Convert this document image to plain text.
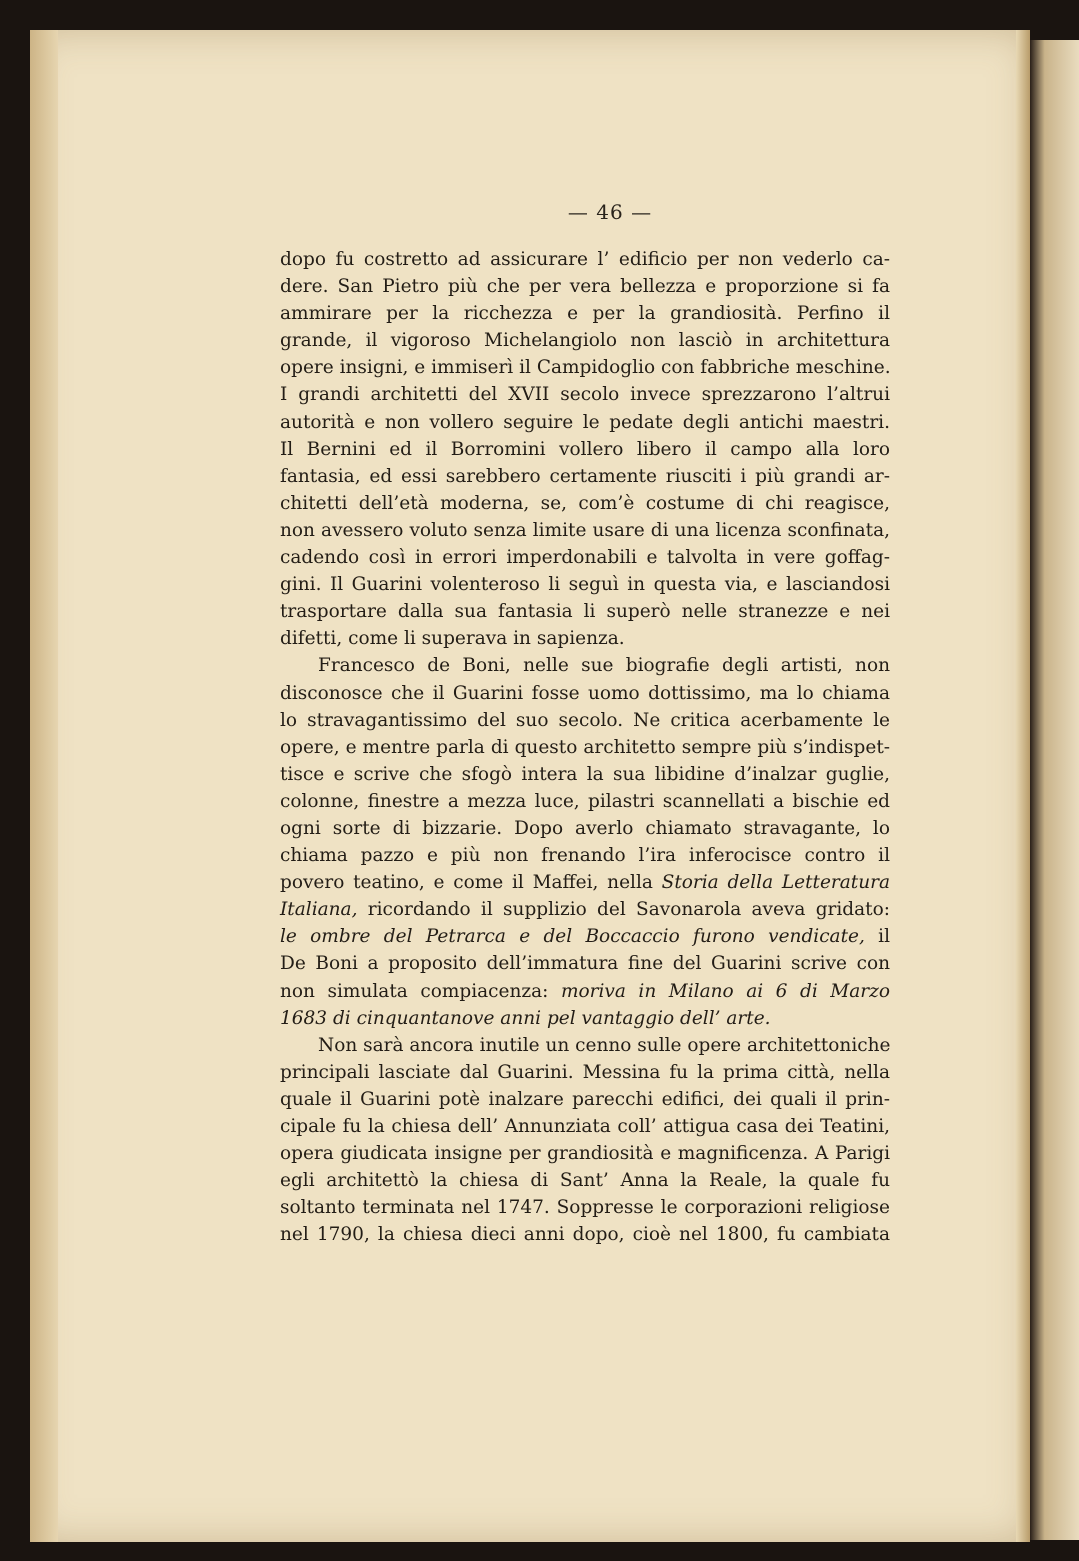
— 46 —
dopo fu costretto ad assicurare l’ edificio per non vederlo ca-
dere. San Pietro più che per vera bellezza e proporzione si fa
ammirare per la ricchezza e per la grandiosità. Perfino il
grande, il vigoroso Michelangiolo non lasciò in architettura
opere insigni, e immiserì il Campidoglio con fabbriche meschine.
I grandi architetti del XVII secolo invece sprezzarono l’altrui
autorità e non vollero seguire le pedate degli antichi maestri.
Il Bernini ed il Borromini vollero libero il campo alla loro
fantasia, ed essi sarebbero certamente riusciti i più grandi ar-
chitetti dell’età moderna, se, com’è costume di chi reagisce,
non avessero voluto senza limite usare di una licenza sconfinata,
cadendo così in errori imperdonabili e talvolta in vere goffag-
gini. Il Guarini volenteroso li seguì in questa via, e lasciandosi
trasportare dalla sua fantasia li superò nelle stranezze e nei
difetti, come li superava in sapienza.
Francesco de Boni, nelle sue biografie degli artisti, non
disconosce che il Guarini fosse uomo dottissimo, ma lo chiama
lo stravagantissimo del suo secolo. Ne critica acerbamente le
opere, e mentre parla di questo architetto sempre più s’indispet-
tisce e scrive che sfogò intera la sua libidine d’inalzar guglie,
colonne, finestre a mezza luce, pilastri scannellati a bischie ed
ogni sorte di bizzarie. Dopo averlo chiamato stravagante, lo
chiama pazzo e più non frenando l’ira inferocisce contro il
povero teatino, e come il Maffei, nella Storia della Letteratura
Italiana, ricordando il supplizio del Savonarola aveva gridato:
le ombre del Petrarca e del Boccaccio furono vendicate, il
De Boni a proposito dell’immatura fine del Guarini scrive con
non simulata compiacenza: moriva in Milano ai 6 di Marzo
1683 di cinquantanove anni pel vantaggio dell’ arte.
Non sarà ancora inutile un cenno sulle opere architettoniche
principali lasciate dal Guarini. Messina fu la prima città, nella
quale il Guarini potè inalzare parecchi edifici, dei quali il prin-
cipale fu la chiesa dell’ Annunziata coll’ attigua casa dei Teatini,
opera giudicata insigne per grandiosità e magnificenza. A Parigi
egli architettò la chiesa di Sant’ Anna la Reale, la quale fu
soltanto terminata nel 1747. Soppresse le corporazioni religiose
nel 1790, la chiesa dieci anni dopo, cioè nel 1800, fu cambiata
